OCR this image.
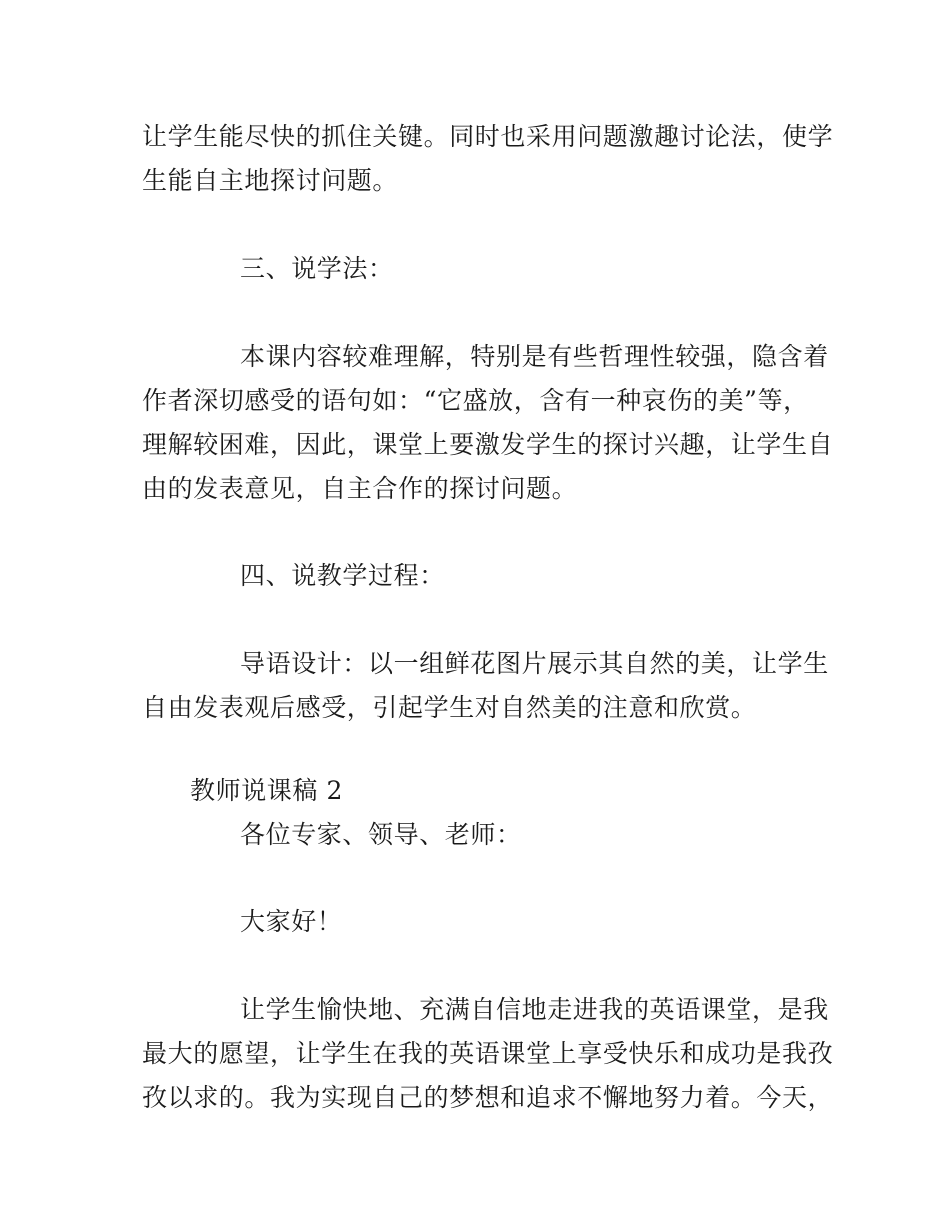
让学生能尽快的抓住关键。同时也采用问题激趣讨论法，使学
生能自主地探讨问题。
三、说学法：
本课内容较难理解，特别是有些哲理性较强，隐含着
作者深切感受的语句如：“它盛放，含有一种哀伤的美”等，
理解较困难，因此，课堂上要激发学生的探讨兴趣，让学生自
由的发表意见，自主合作的探讨问题。
四、说教学过程：
导语设计：以一组鲜花图片展示其自然的美，让学生
自由发表观后感受，引起学生对自然美的注意和欣赏。
教师说课稿 2
各位专家、领导、老师：
大家好！
让学生愉快地、充满自信地走进我的英语课堂，是我
最大的愿望，让学生在我的英语课堂上享受快乐和成功是我孜
孜以求的。我为实现自己的梦想和追求不懈地努力着。今天，
